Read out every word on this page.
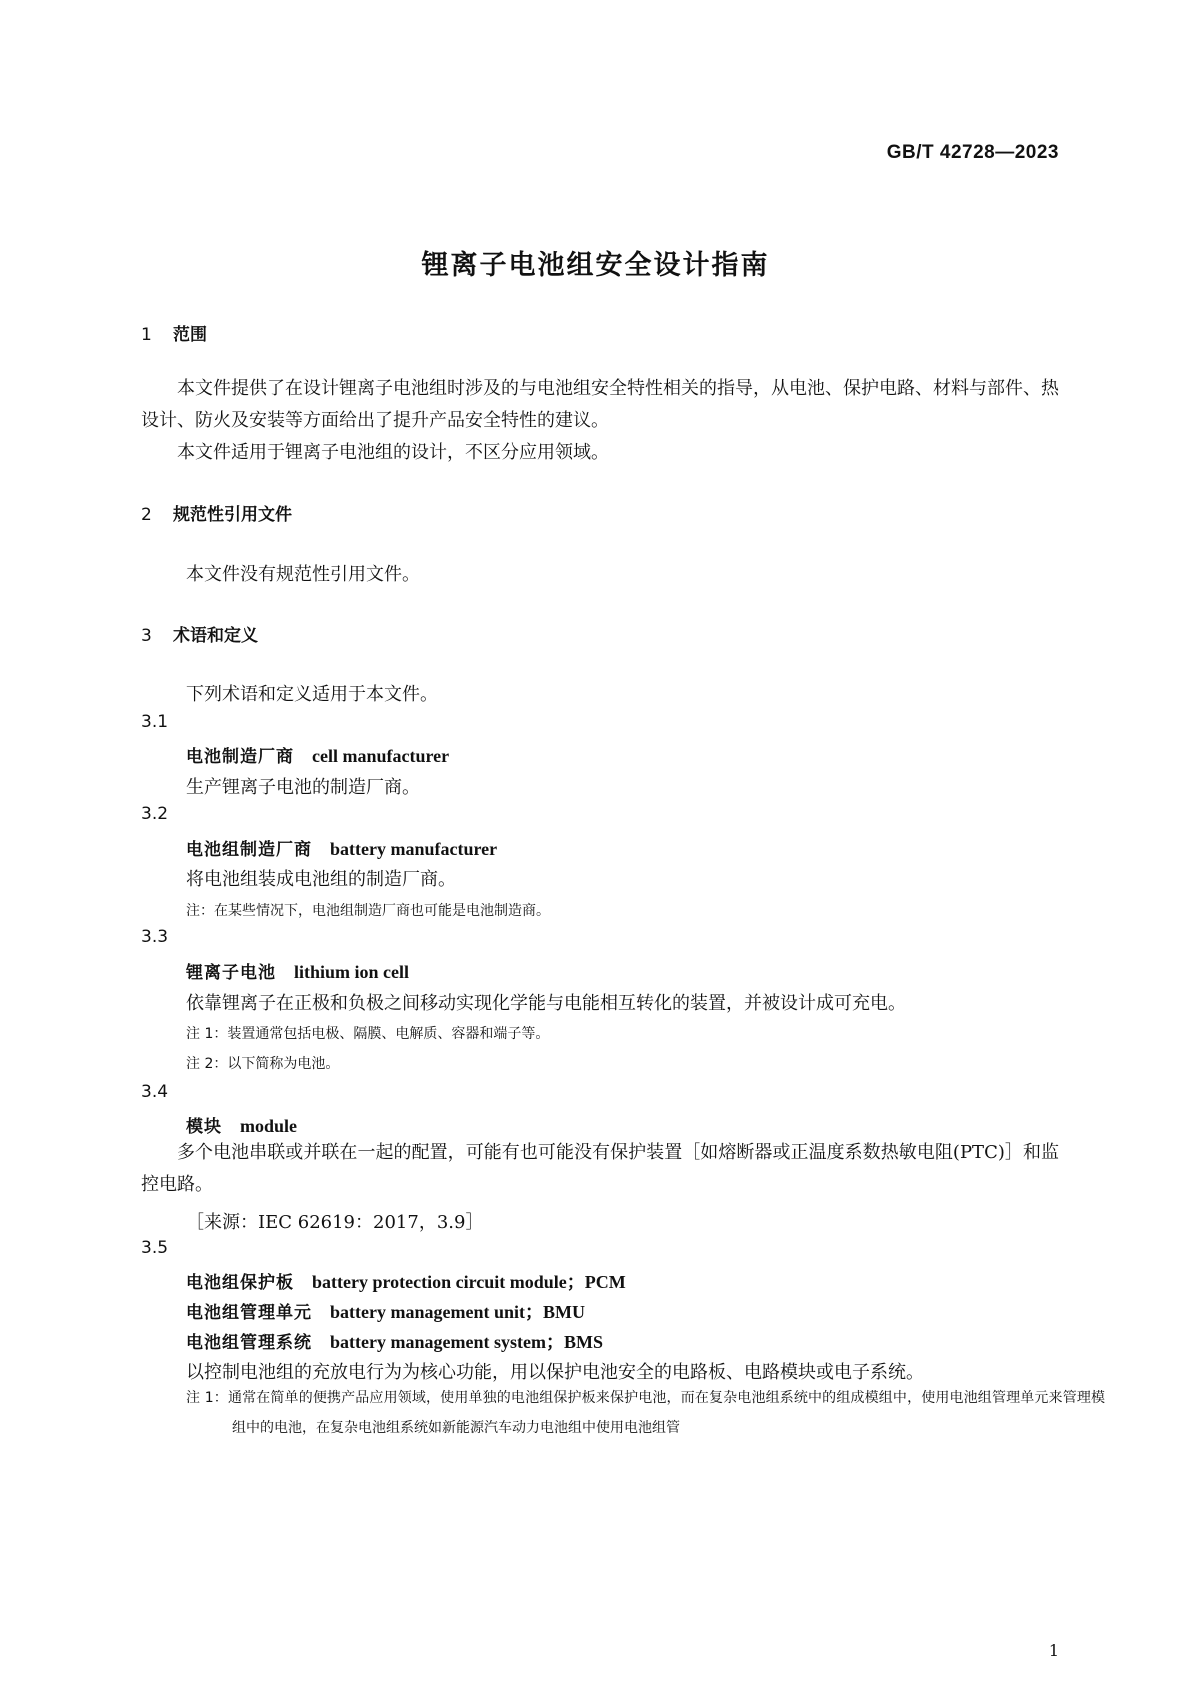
GB/T 42728—2023
锂离子电池组安全设计指南
1 范围
本文件提供了在设计锂离子电池组时涉及的与电池组安全特性相关的指导，从电池、保护电路、材料与部件、热设计、防火及安装等方面给出了提升产品安全特性的建议。
本文件适用于锂离子电池组的设计，不区分应用领域。
2 规范性引用文件
本文件没有规范性引用文件。
3 术语和定义
下列术语和定义适用于本文件。
3.1
电池制造厂商 cell manufacturer
生产锂离子电池的制造厂商。
3.2
电池组制造厂商 battery manufacturer
将电池组装成电池组的制造厂商。
注：在某些情况下，电池组制造厂商也可能是电池制造商。
3.3
锂离子电池 lithium ion cell
依靠锂离子在正极和负极之间移动实现化学能与电能相互转化的装置，并被设计成可充电。
注 1：装置通常包括电极、隔膜、电解质、容器和端子等。
注 2：以下简称为电池。
3.4
模块 module
多个电池串联或并联在一起的配置，可能有也可能没有保护装置［如熔断器或正温度系数热敏电阻(PTC)］和监控电路。
［来源：IEC 62619：2017，3.9］
3.5
电池组保护板 battery protection circuit module；PCM
电池组管理单元 battery management unit；BMU
电池组管理系统 battery management system；BMS
以控制电池组的充放电行为为核心功能，用以保护电池安全的电路板、电路模块或电子系统。
注 1：通常在简单的便携产品应用领域，使用单独的电池组保护板来保护电池，而在复杂电池组系统中的组成模组中，使用电池组管理单元来管理模组中的电池，在复杂电池组系统如新能源汽车动力电池组中使用电池组管
1
